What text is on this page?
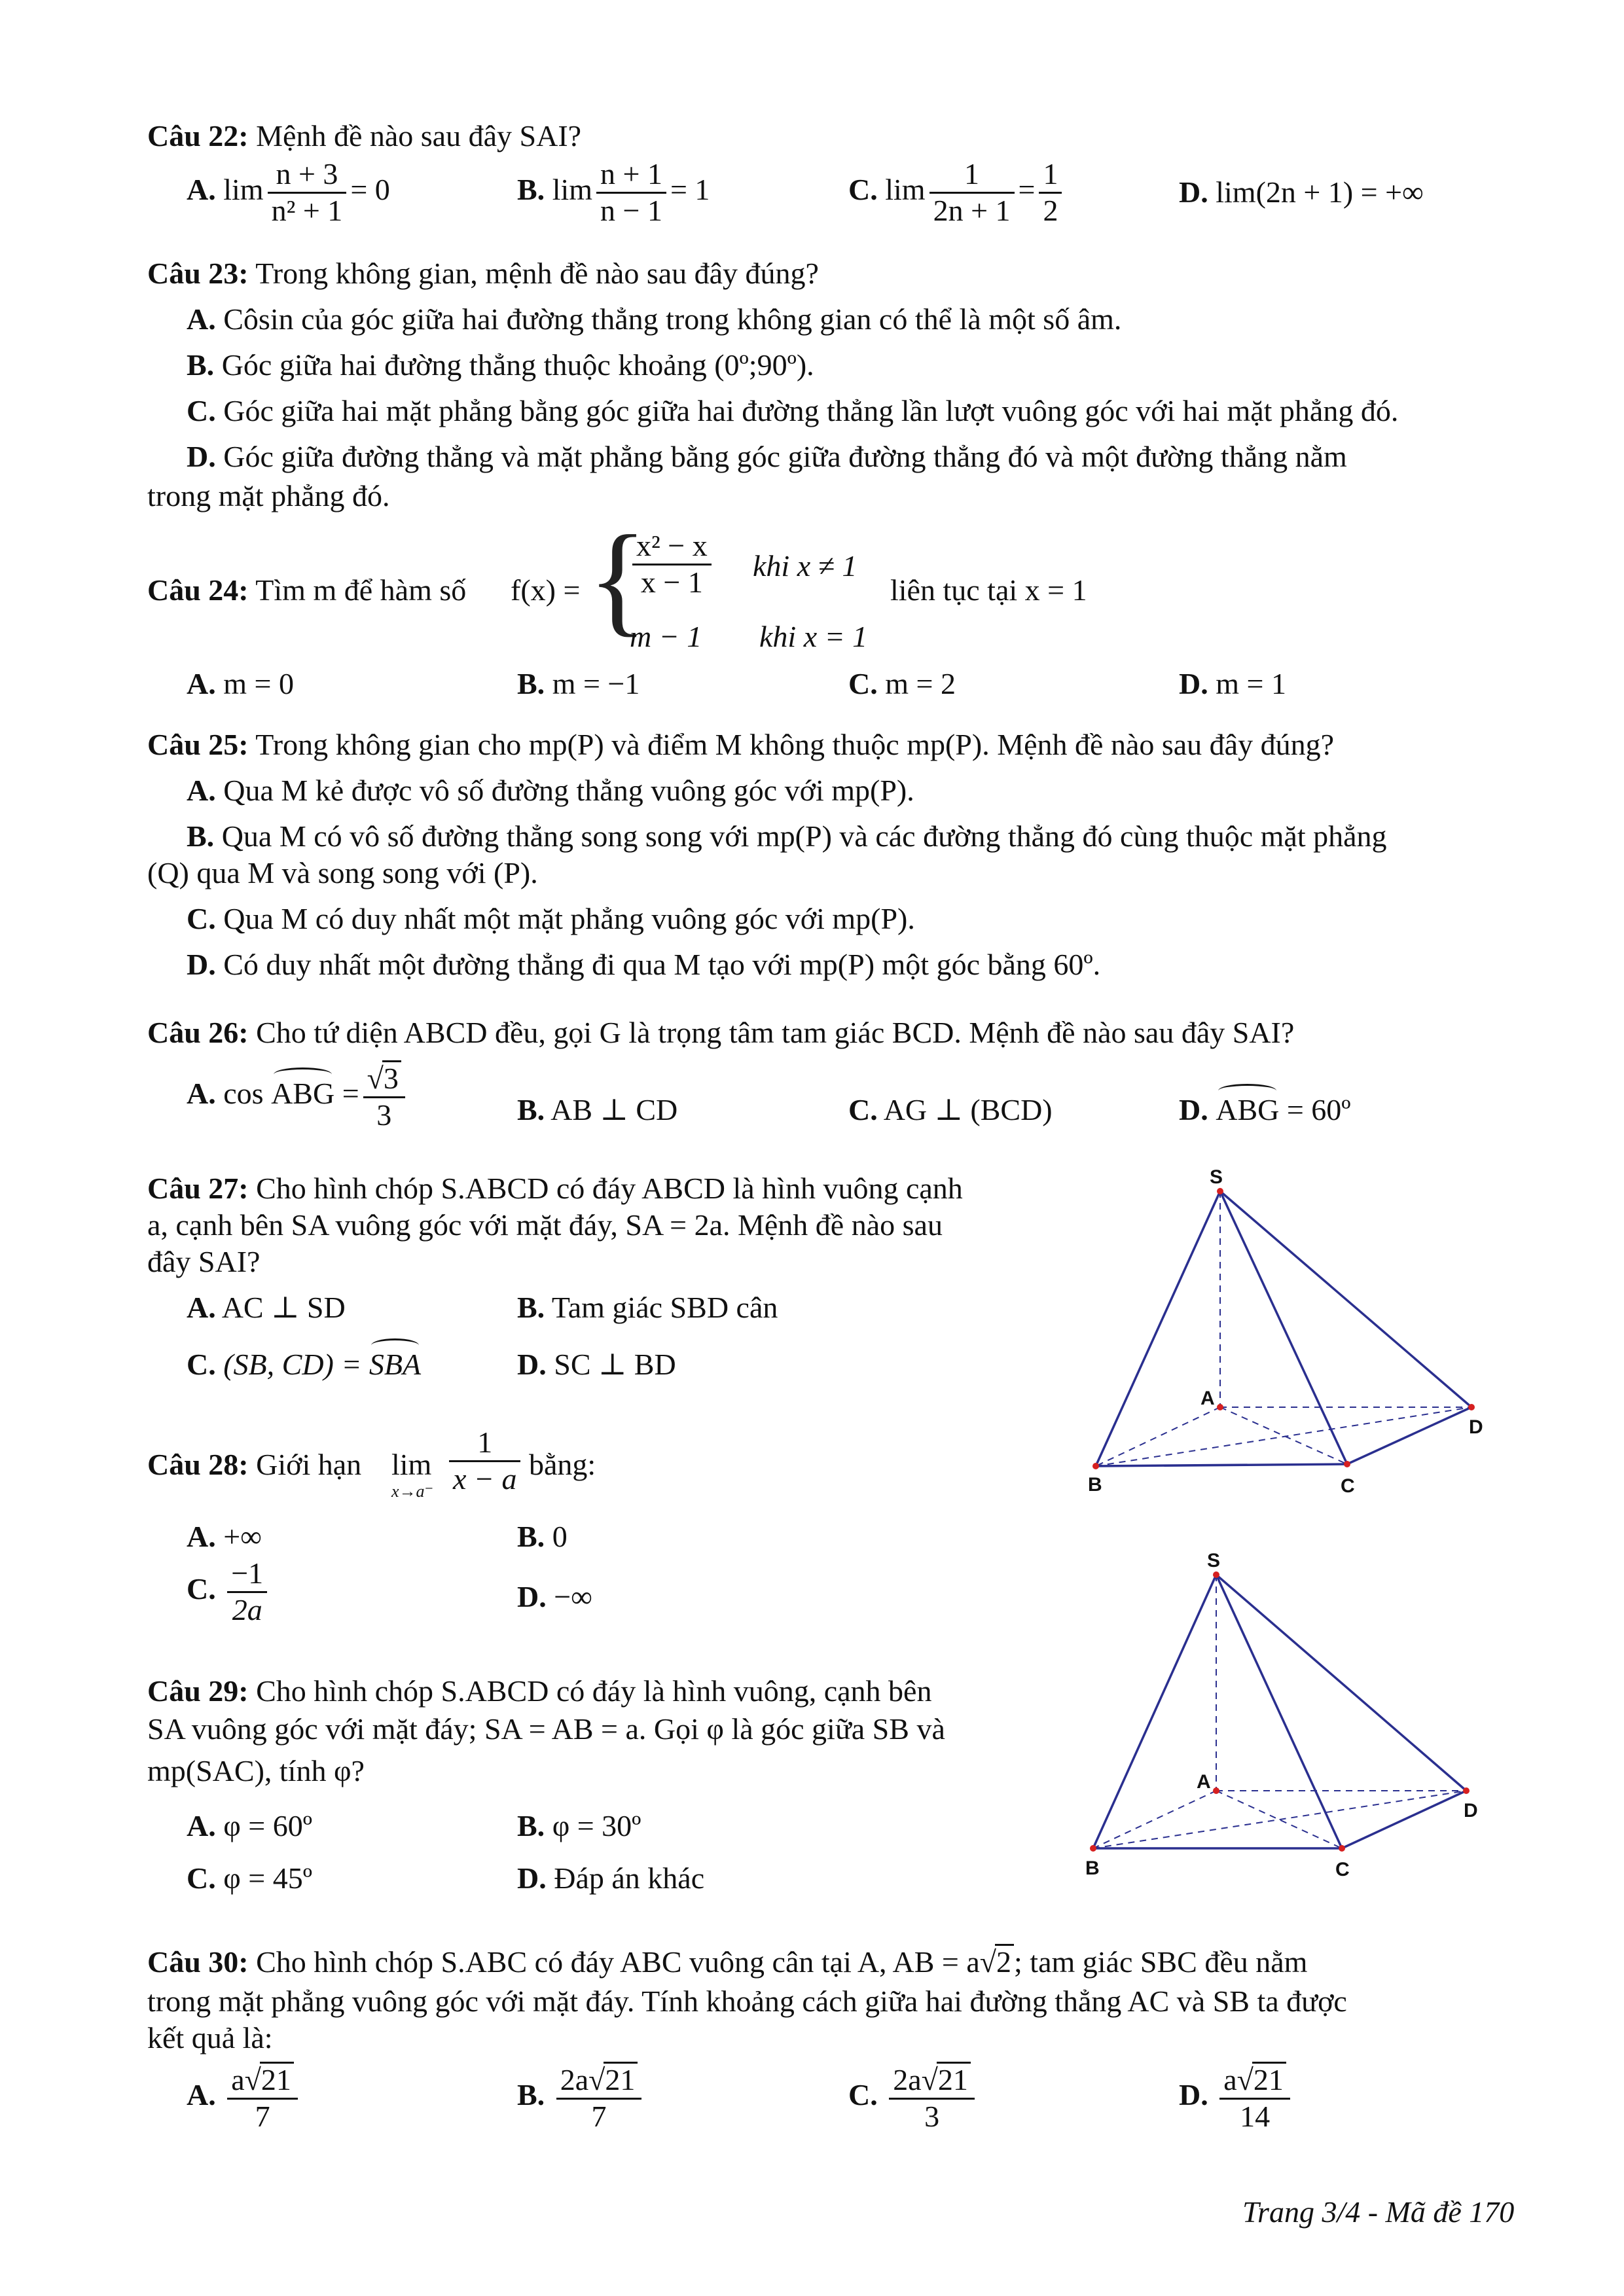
Câu 22: Mệnh đề nào sau đây SAI?
A. $\lim \frac{n + 3}{\text{n² + 1}} = 0$	B. $\lim \frac{n + 1}{n - 1} = 1$	C. $\lim \frac{1}{2n + 1} = \frac{1}{2}$	D. lim(2n + 1) = +∞
Câu 23: Trong không gian, mệnh đề nào sau đây đúng?
A. Côsin của góc giữa hai đường thẳng trong không gian có thể là một số âm.
B. Góc giữa hai đường thẳng thuộc khoảng (0º;90º).
C. Góc giữa hai mặt phẳng bằng góc giữa hai đường thẳng lần lượt vuông góc với hai mặt phẳng đó.
D. Góc giữa đường thẳng và mặt phẳng bằng góc giữa đường thẳng đó và một đường thẳng nằm
trong mặt phẳng đó.
Câu 24: Tìm m để hàm số f(x) = {
$\frac{\text{x² − x}}{x - 1}$ khi x ≠ 1
m − 1 khi x = 1
liên tục tại x = 1
A. m = 0	B. m = −1	C. m = 2	D. m = 1
Câu 25: Trong không gian cho mp(P) và điểm M không thuộc mp(P). Mệnh đề nào sau đây đúng?
A. Qua M kẻ được vô số đường thẳng vuông góc với mp(P).
B. Qua M có vô số đường thẳng song song với mp(P) và các đường thẳng đó cùng thuộc mặt phẳng
(Q) qua M và song song với (P).
C. Qua M có duy nhất một mặt phẳng vuông góc với mp(P).
D. Có duy nhất một đường thẳng đi qua M tạo với mp(P) một góc bằng 60º.
Câu 26: Cho tứ diện ABCD đều, gọi G là trọng tâm tam giác BCD. Mệnh đề nào sau đây SAI?
A. cos ABG = $\frac{√3}{3}$	B. AB ⊥ CD	C. AG ⊥ (BCD)	D. ABG = 60º
Câu 27: Cho hình chóp S.ABCD có đáy ABCD là hình vuông cạnh
a, cạnh bên SA vuông góc với mặt đáy, SA = 2a. Mệnh đề nào sau
đây SAI?
A. AC ⊥ SD	B. Tam giác SBD cân
C. (SB, CD) = SBA	D. SC ⊥ BD
Câu 28: Giới hạn lim
$x\to a^- \frac{1}{x - a}$ bằng:
A. +∞	B. 0
C. $\frac{-1}{2a}$	D. −∞
Câu 29: Cho hình chóp S.ABCD có đáy là hình vuông, cạnh bên
SA vuông góc với mặt đáy; SA = AB = a. Gọi φ là góc giữa SB và
mp(SAC), tính φ?
A. φ = 60º	B. φ = 30º
C. φ = 45º	D. Đáp án khác
Câu 30: Cho hình chóp S.ABC có đáy ABC vuông cân tại A, AB = a√2; tam giác SBC đều nằm
trong mặt phẳng vuông góc với mặt đáy. Tính khoảng cách giữa hai đường thẳng AC và SB ta được
kết quả là:
A. $\frac{a√21}{7}$	B. $\frac{2a√21}{7}$	C. $\frac{2a√21}{3}$	D. $\frac{a√21}{14}$
S
A
D
B	C
S
A
D
B	C
Trang 3/4 - Mã đề 170
